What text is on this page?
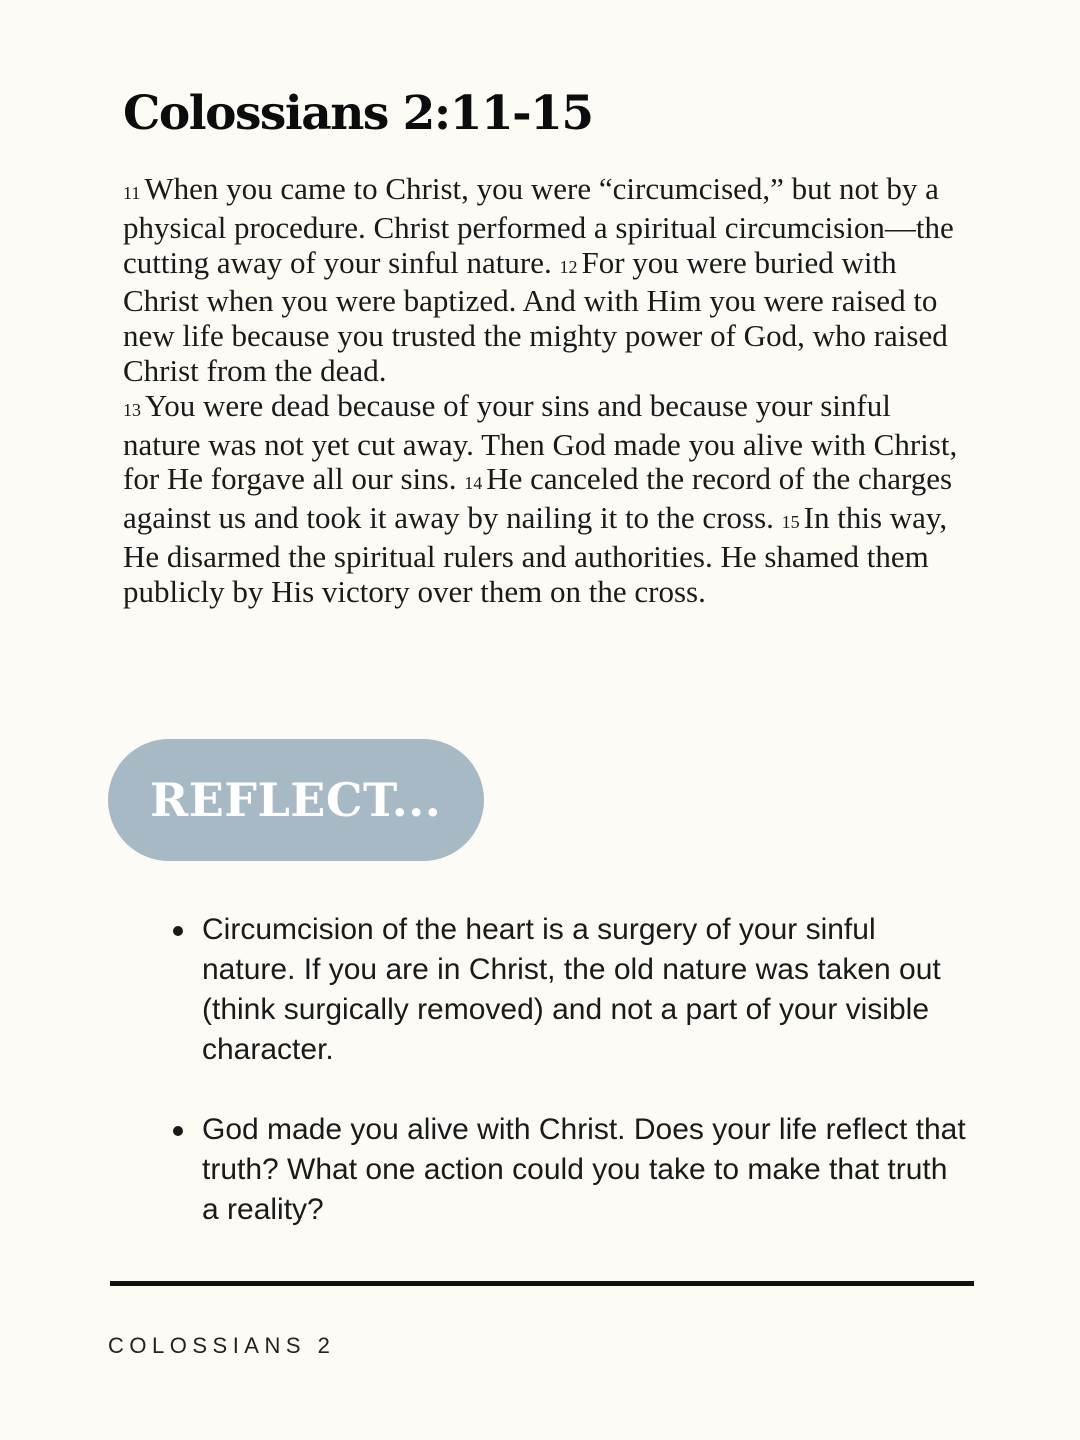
Colossians 2:11-15

11 When you came to Christ, you were “circumcised,” but not by a physical procedure. Christ performed a spiritual circumcision—the cutting away of your sinful nature. 12 For you were buried with Christ when you were baptized. And with Him you were raised to new life because you trusted the mighty power of God, who raised Christ from the dead.
13 You were dead because of your sins and because your sinful nature was not yet cut away. Then God made you alive with Christ, for He forgave all our sins. 14 He canceled the record of the charges against us and took it away by nailing it to the cross. 15 In this way, He disarmed the spiritual rulers and authorities. He shamed them publicly by His victory over them on the cross.

REFLECT...
Circumcision of the heart is a surgery of your sinful nature. If you are in Christ, the old nature was taken out (think surgically removed) and not a part of your visible character.
God made you alive with Christ. Does your life reflect that truth? What one action could you take to make that truth a reality?
COLOSSIANS 2
